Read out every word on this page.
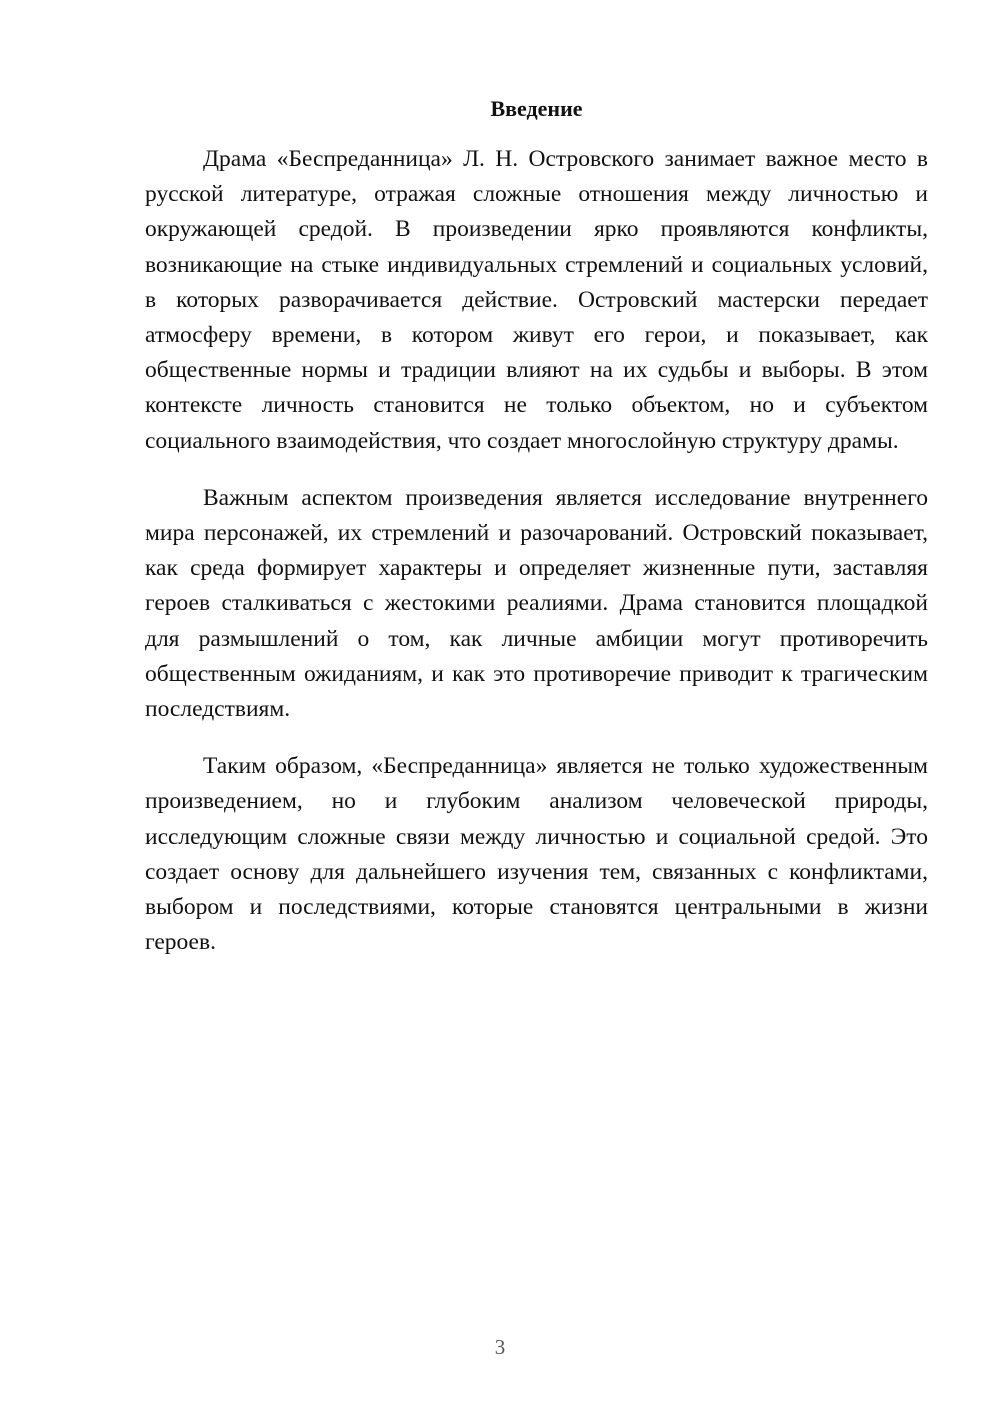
Введение

Драма «Беспреданница» Л. Н. Островского занимает важное место в русской литературе, отражая сложные отношения между личностью и окружающей средой. В произведении ярко проявляются конфликты, возникающие на стыке индивидуальных стремлений и социальных условий, в которых разворачивается действие. Островский мастерски передает атмосферу времени, в котором живут его герои, и показывает, как общественные нормы и традиции влияют на их судьбы и выборы. В этом контексте личность становится не только объектом, но и субъектом социального взаимодействия, что создает многослойную структуру драмы.

Важным аспектом произведения является исследование внутреннего мира персонажей, их стремлений и разочарований. Островский показывает, как среда формирует характеры и определяет жизненные пути, заставляя героев сталкиваться с жестокими реалиями. Драма становится площадкой для размышлений о том, как личные амбиции могут противоречить общественным ожиданиям, и как это противоречие приводит к трагическим последствиям.

Таким образом, «Беспреданница» является не только художественным произведением, но и глубоким анализом человеческой природы, исследующим сложные связи между личностью и социальной средой. Это создает основу для дальнейшего изучения тем, связанных с конфликтами, выбором и последствиями, которые становятся центральными в жизни героев.

3
